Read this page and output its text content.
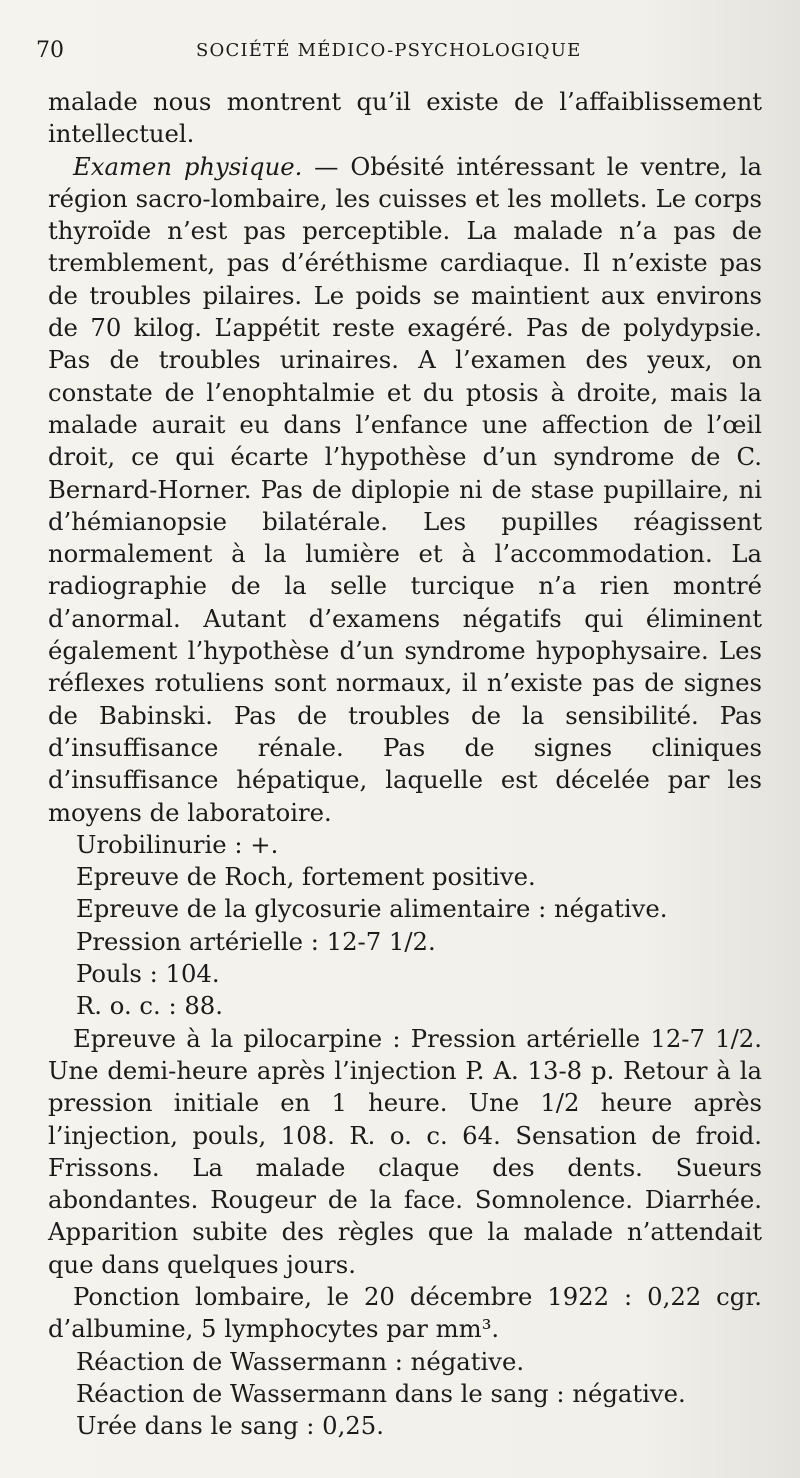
70	SOCIÉTÉ MÉDICO-PSYCHOLOGIQUE

malade nous montrent qu’il existe de l’affaiblissement intellectuel.

Examen physique. — Obésité intéressant le ventre, la région sacro-lombaire, les cuisses et les mollets. Le corps thyroïde n’est pas perceptible. La malade n’a pas de tremblement, pas d’éréthisme cardiaque. Il n’existe pas de troubles pilaires. Le poids se maintient aux environs de 70 kilog. L’appétit reste exagéré. Pas de polydypsie. Pas de troubles urinaires. A l’examen des yeux, on constate de l’enophtalmie et du ptosis à droite, mais la malade aurait eu dans l’enfance une affection de l’œil droit, ce qui écarte l’hypothèse d’un syndrome de C. Bernard-Horner. Pas de diplopie ni de stase pupillaire, ni d’hémianopsie bilatérale. Les pupilles réagissent normalement à la lumière et à l’accommodation. La radiographie de la selle turcique n’a rien montré d’anormal. Autant d’examens négatifs qui éliminent également l’hypothèse d’un syndrome hypophysaire. Les réflexes rotuliens sont normaux, il n’existe pas de signes de Babinski. Pas de troubles de la sensibilité. Pas d’insuffisance rénale. Pas de signes cliniques d’insuffisance hépatique, laquelle est décelée par les moyens de laboratoire.

Urobilinurie : +.

Epreuve de Roch, fortement positive.

Epreuve de la glycosurie alimentaire : négative.

Pression artérielle : 12-7 1/2.

Pouls : 104.

R. o. c. : 88.

Epreuve à la pilocarpine : Pression artérielle 12-7 1/2. Une demi-heure après l’injection P. A. 13-8 p. Retour à la pression initiale en 1 heure. Une 1/2 heure après l’injection, pouls, 108. R. o. c. 64. Sensation de froid. Frissons. La malade claque des dents. Sueurs abondantes. Rougeur de la face. Somnolence. Diarrhée. Apparition subite des règles que la malade n’attendait que dans quelques jours.

Ponction lombaire, le 20 décembre 1922 : 0,22 cgr. d’albumine, 5 lymphocytes par mm³.

Réaction de Wassermann : négative.

Réaction de Wassermann dans le sang : négative.

Urée dans le sang : 0,25.
